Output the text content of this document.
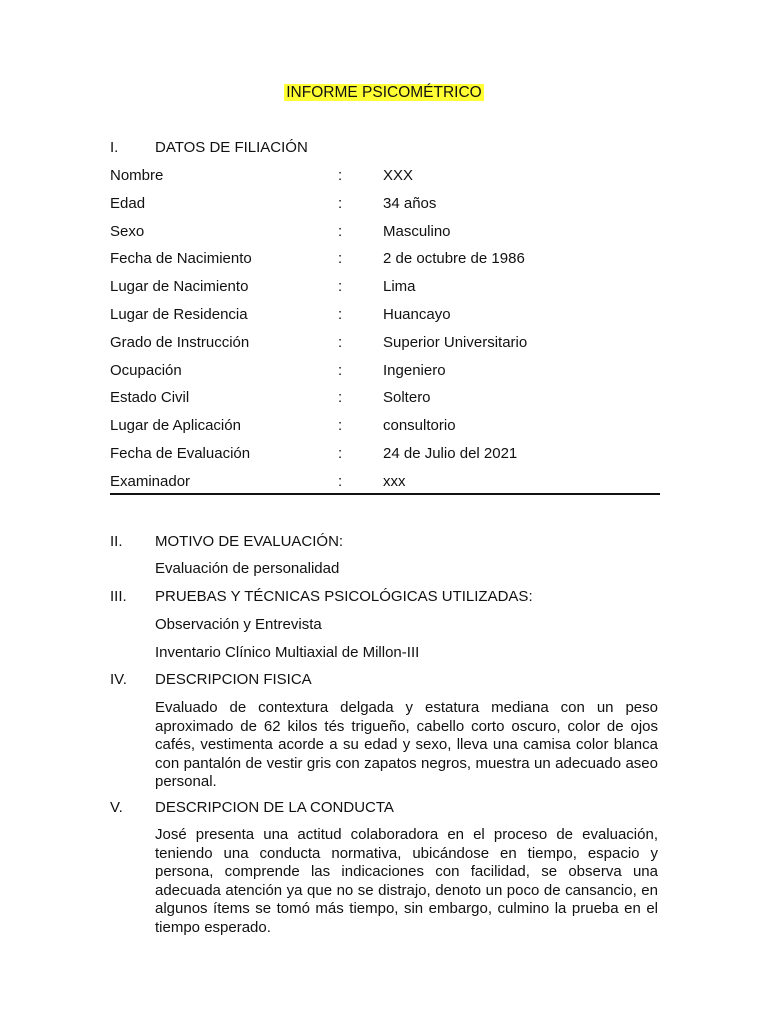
INFORME PSICOMÉTRICO
I. DATOS DE FILIACIÓN
Nombre	:	XXX
Edad	:	34 años
Sexo	:	Masculino
Fecha de Nacimiento	:	2 de octubre de 1986
Lugar de Nacimiento	:	Lima
Lugar de Residencia	:	Huancayo
Grado de Instrucción	:	Superior Universitario
Ocupación	:	Ingeniero
Estado Civil	:	Soltero
Lugar de Aplicación	:	consultorio
Fecha de Evaluación	:	24 de Julio del 2021
Examinador	:	xxx
II. MOTIVO DE EVALUACIÓN:
Evaluación de personalidad
III. PRUEBAS Y TÉCNICAS PSICOLÓGICAS UTILIZADAS:
Observación y Entrevista
Inventario Clínico Multiaxial de Millon-III
IV. DESCRIPCION FISICA
Evaluado de contextura delgada y estatura mediana con un peso aproximado de 62 kilos tés trigueño, cabello corto oscuro, color de ojos cafés, vestimenta acorde a su edad y sexo, lleva una camisa color blanca con pantalón de vestir gris con zapatos negros, muestra un adecuado aseo personal.
V. DESCRIPCION DE LA CONDUCTA
José presenta una actitud colaboradora en el proceso de evaluación, teniendo una conducta normativa, ubicándose en tiempo, espacio y persona, comprende las indicaciones con facilidad, se observa una adecuada atención ya que no se distrajo, denoto un poco de cansancio, en algunos ítems se tomó más tiempo, sin embargo, culmino la prueba en el tiempo esperado.
